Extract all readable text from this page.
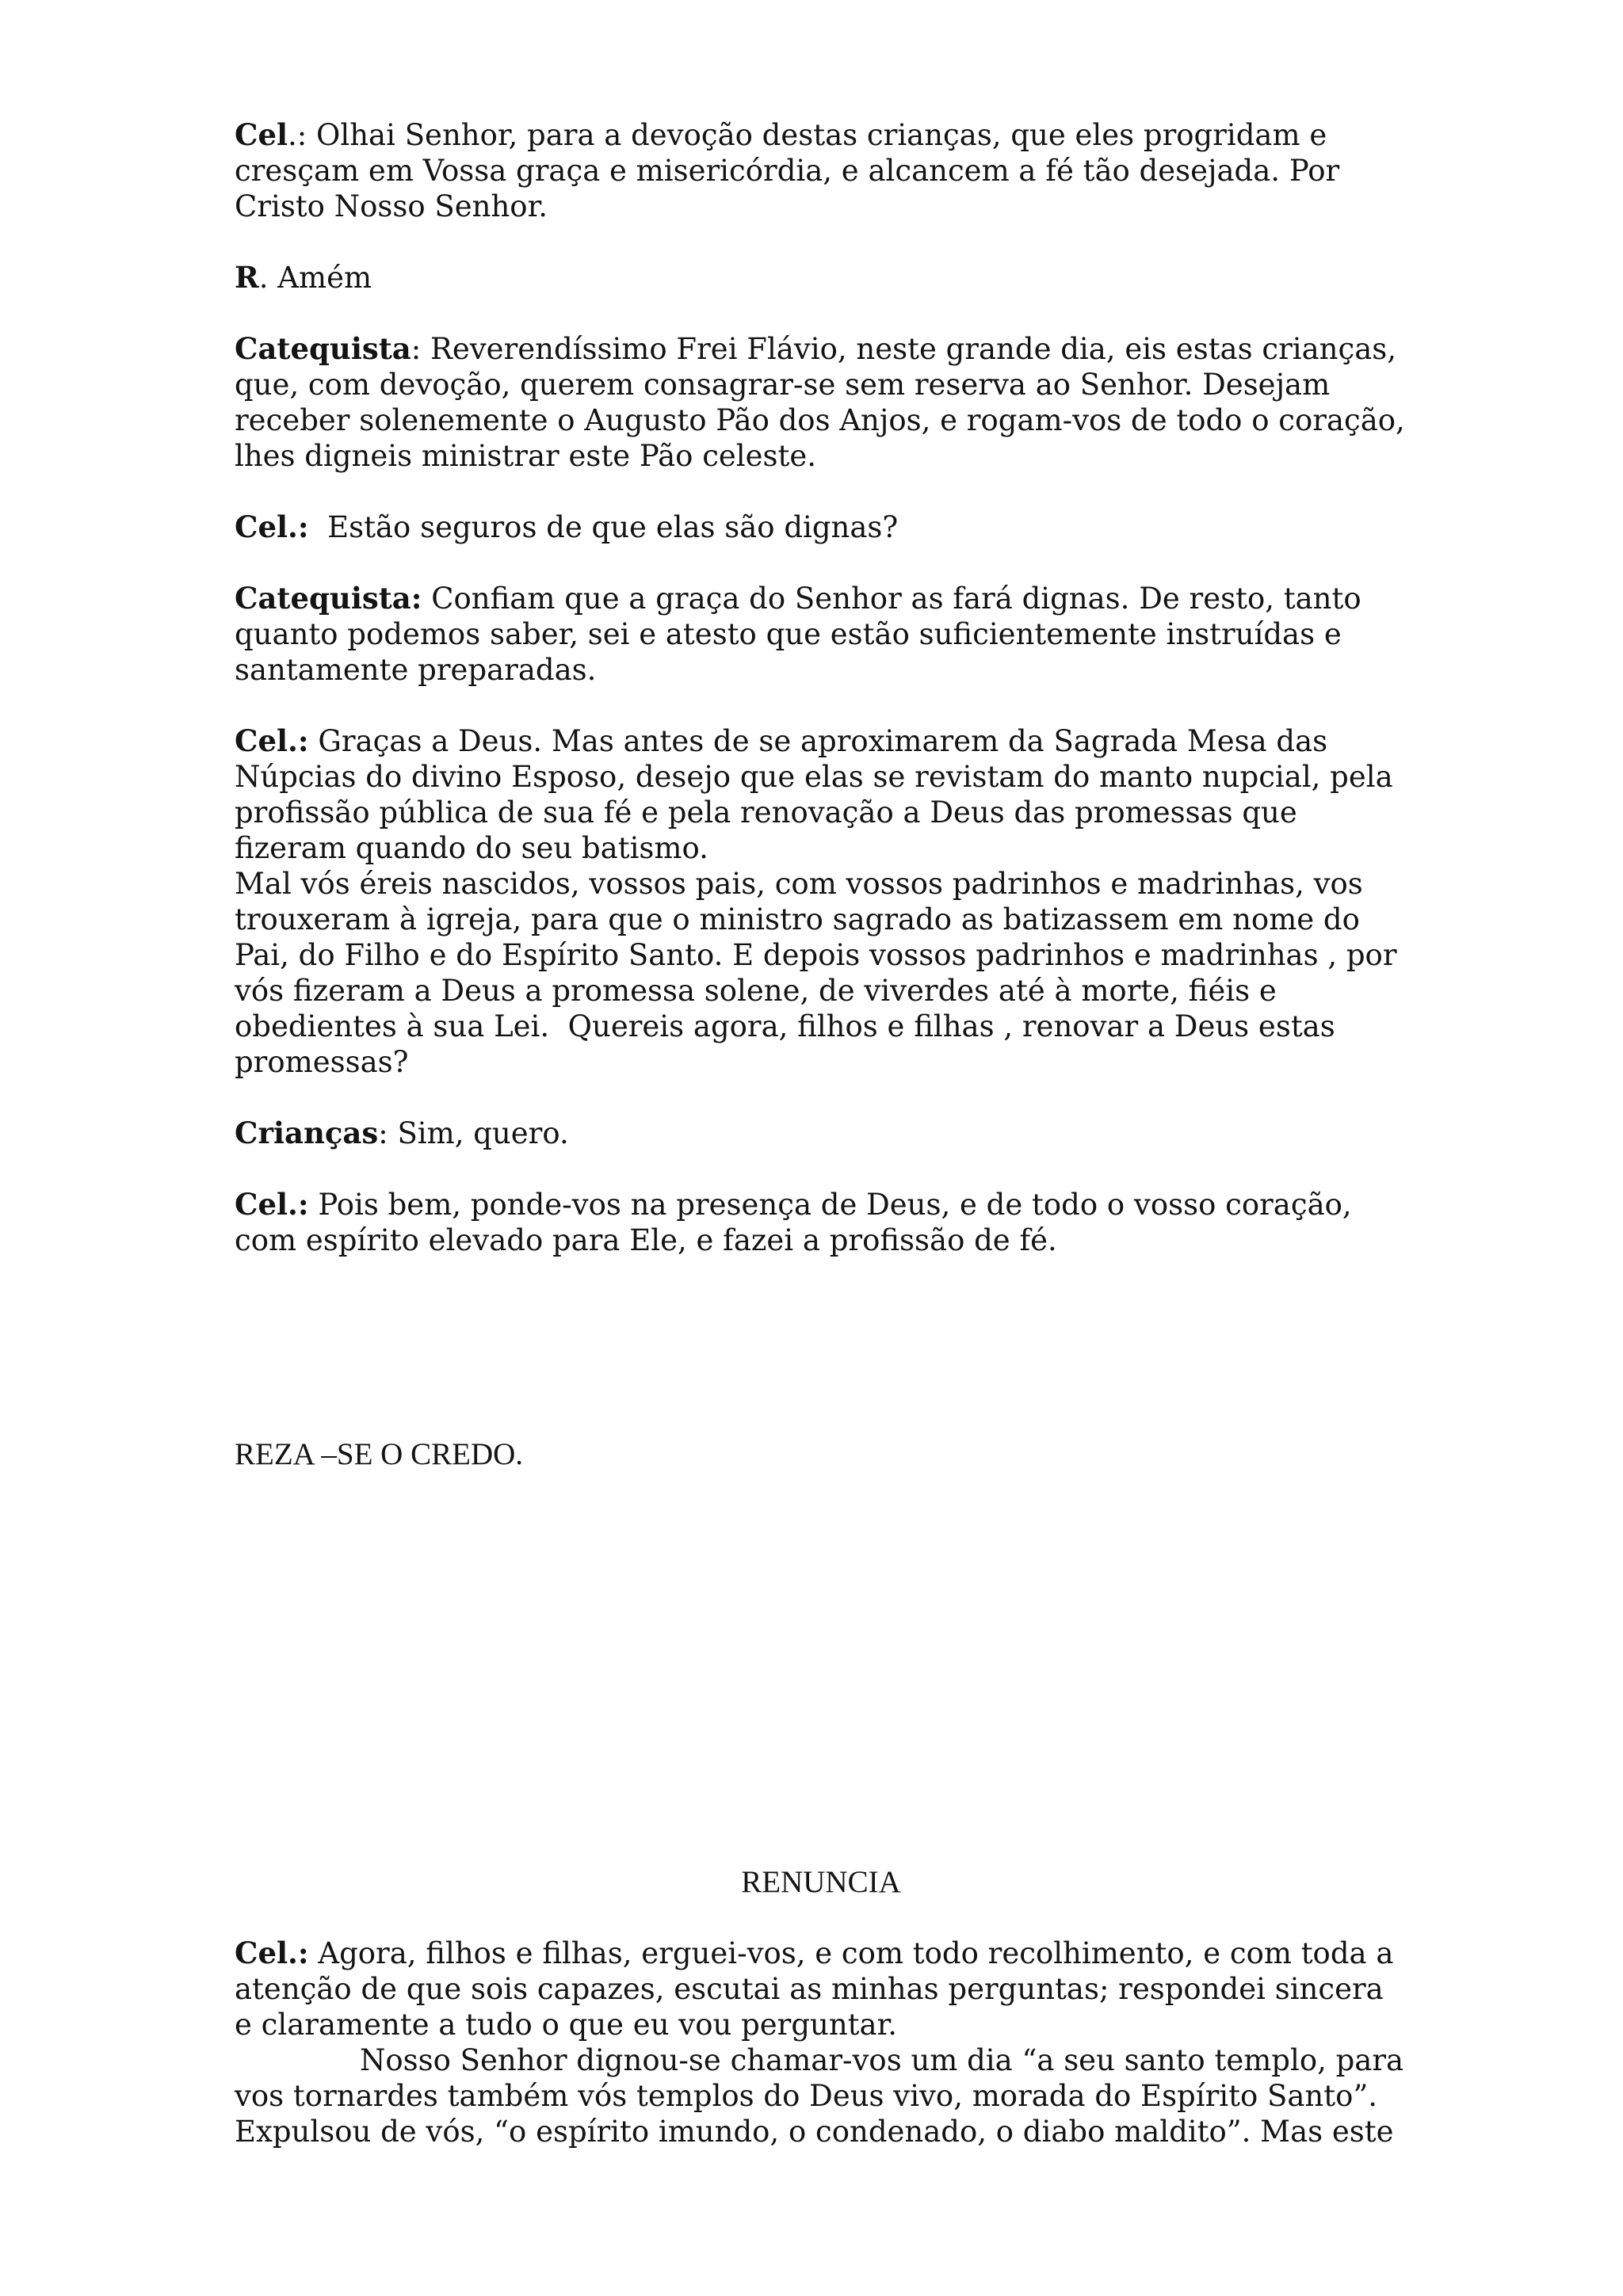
Cel.: Olhai Senhor, para a devoção destas crianças, que eles progridam e cresçam em Vossa graça e misericórdia, e alcancem a fé tão desejada. Por Cristo Nosso Senhor.

R. Amém

Catequista: Reverendíssimo Frei Flávio, neste grande dia, eis estas crianças, que, com devoção, querem consagrar-se sem reserva ao Senhor. Desejam receber solenemente o Augusto Pão dos Anjos, e rogam-vos de todo o coração, lhes digneis ministrar este Pão celeste.

Cel.: Estão seguros de que elas são dignas?

Catequista: Confiam que a graça do Senhor as fará dignas. De resto, tanto quanto podemos saber, sei e atesto que estão suficientemente instruídas e santamente preparadas.

Cel.: Graças a Deus. Mas antes de se aproximarem da Sagrada Mesa das Núpcias do divino Esposo, desejo que elas se revistam do manto nupcial, pela profissão pública de sua fé e pela renovação a Deus das promessas que fizeram quando do seu batismo.

Mal vós éreis nascidos, vossos pais, com vossos padrinhos e madrinhas, vos trouxeram à igreja, para que o ministro sagrado as batizassem em nome do Pai, do Filho e do Espírito Santo. E depois vossos padrinhos e madrinhas , por vós fizeram a Deus a promessa solene, de viverdes até à morte, fiéis e obedientes à sua Lei.  Quereis agora, filhos e filhas , renovar a Deus estas promessas?

Crianças: Sim, quero.

Cel.: Pois bem, ponde-vos na presença de Deus, e de todo o vosso coração, com espírito elevado para Ele, e fazei a profissão de fé.

REZA –SE O CREDO.

RENUNCIA

Cel.: Agora, filhos e filhas, erguei-vos, e com todo recolhimento, e com toda a atenção de que sois capazes, escutai as minhas perguntas; respondei sincera e claramente a tudo o que eu vou perguntar.

Nosso Senhor dignou-se chamar-vos um dia “a seu santo templo, para vos tornardes também vós templos do Deus vivo, morada do Espírito Santo”. Expulsou de vós, “o espírito imundo, o condenado, o diabo maldito”. Mas este
